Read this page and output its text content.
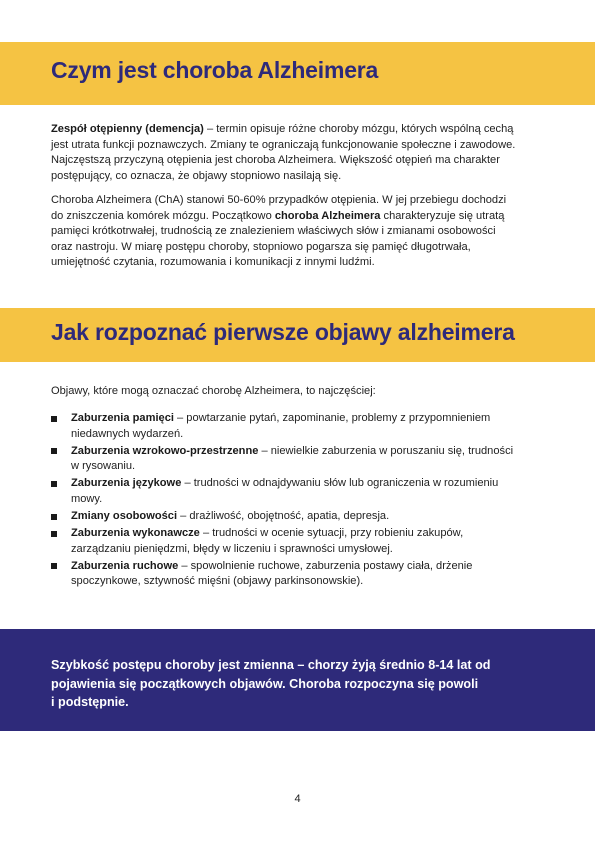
Czym jest choroba Alzheimera

Zespół otępienny (demencja) – termin opisuje różne choroby mózgu, których wspólną cechą
jest utrata funkcji poznawczych. Zmiany te ograniczają funkcjonowanie społeczne i zawodowe.
Najczęstszą przyczyną otępienia jest choroba Alzheimera. Większość otępień ma charakter
postępujący, co oznacza, że objawy stopniowo nasilają się.

Choroba Alzheimera (ChA) stanowi 50-60% przypadków otępienia. W jej przebiegu dochodzi
do zniszczenia komórek mózgu. Początkowo choroba Alzheimera charakteryzuje się utratą
pamięci krótkotrwałej, trudnością ze znalezieniem właściwych słów i zmianami osobowości
oraz nastroju. W miarę postępu choroby, stopniowo pogarsza się pamięć długotrwała,
umiejętność czytania, rozumowania i komunikacji z innymi ludźmi.

Jak rozpoznać pierwsze objawy alzheimera

Objawy, które mogą oznaczać chorobę Alzheimera, to najczęściej:

Zaburzenia pamięci – powtarzanie pytań, zapominanie, problemy z przypomnieniem
niedawnych wydarzeń.
Zaburzenia wzrokowo-przestrzenne – niewielkie zaburzenia w poruszaniu się, trudności
w rysowaniu.
Zaburzenia językowe – trudności w odnajdywaniu słów lub ograniczenia w rozumieniu
mowy.
Zmiany osobowości – drażliwość, obojętność, apatia, depresja.
Zaburzenia wykonawcze – trudności w ocenie sytuacji, przy robieniu zakupów,
zarządzaniu pieniędzmi, błędy w liczeniu i sprawności umysłowej.
Zaburzenia ruchowe – spowolnienie ruchowe, zaburzenia postawy ciała, drżenie
spoczynkowe, sztywność mięśni (objawy parkinsonowskie).

Szybkość postępu choroby jest zmienna – chorzy żyją średnio 8-14 lat od
pojawienia się początkowych objawów. Choroba rozpoczyna się powoli
i podstępnie.

4
